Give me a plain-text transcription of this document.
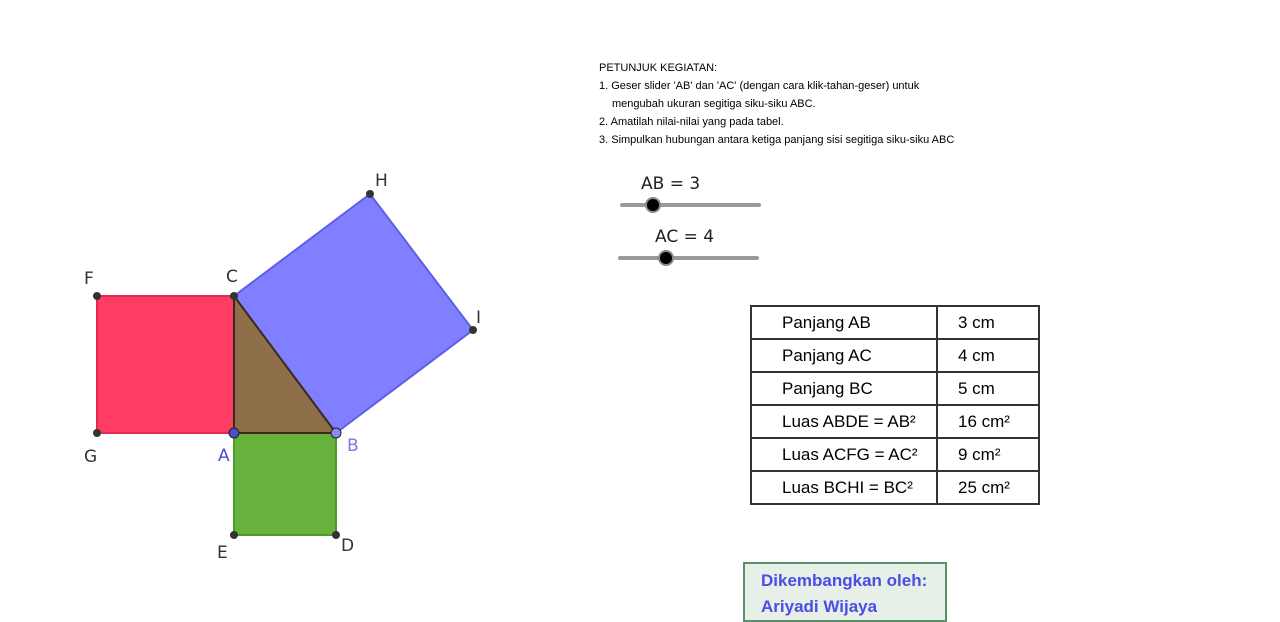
F
G
C
H
I
A	B
E	D
PETUNJUK KEGIATAN:
1. Geser slider 'AB' dan 'AC' (dengan cara klik-tahan-geser) untuk
mengubah ukuran segitiga siku-siku ABC.
2. Amatilah nilai-nilai yang pada tabel.
3. Simpulkan hubungan antara ketiga panjang sisi segitiga siku-siku ABC
AB = 3
AC = 4
Panjang AB	3 cm
Panjang AC	4 cm
Panjang BC	5 cm
Luas ABDE = AB²	16 cm²
Luas ACFG = AC²	9 cm²
Luas BCHI = BC²	25 cm²
Dikembangkan oleh:
Ariyadi Wijaya
